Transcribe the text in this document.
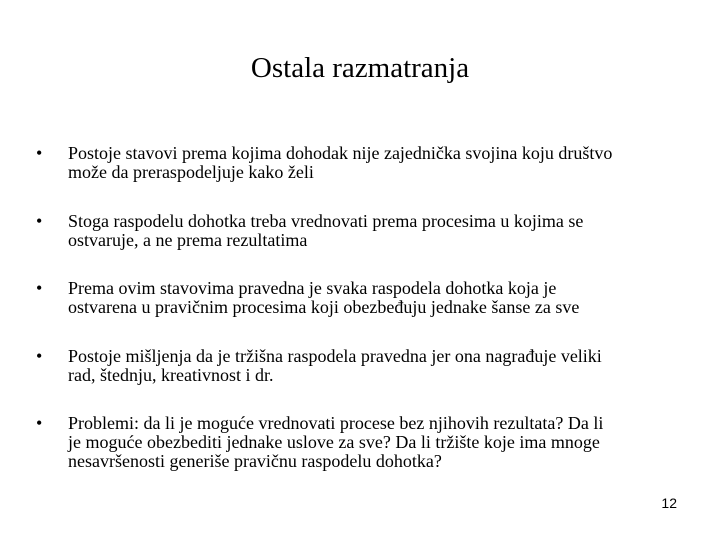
Ostala razmatranja
•	Postoje stavovi prema kojima dohodak nije zajednička svojina koju društvo
može da preraspodeljuje kako želi
•	Stoga raspodelu dohotka treba vrednovati prema procesima u kojima se
ostvaruje, a ne prema rezultatima
•	Prema ovim stavovima pravedna je svaka raspodela dohotka koja je
ostvarena u pravičnim procesima koji obezbeđuju jednake šanse za sve
•	Postoje mišljenja da je tržišna raspodela pravedna jer ona nagrađuje veliki
rad, štednju, kreativnost i dr.
•	Problemi: da li je moguće vrednovati procese bez njihovih rezultata? Da li
je moguće obezbediti jednake uslove za sve? Da li tržište koje ima mnoge
nesavršenosti generiše pravičnu raspodelu dohotka?
12
